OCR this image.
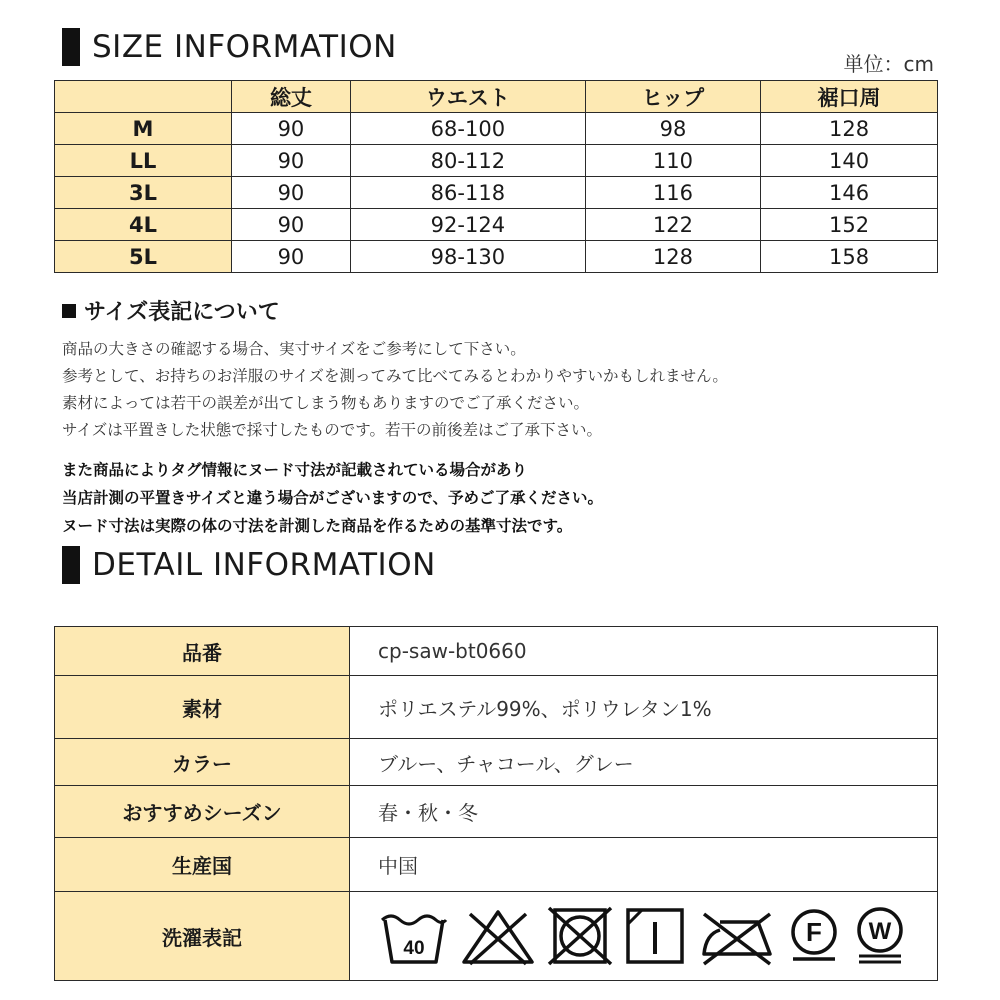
SIZE INFORMATION	単位：cm
	総丈	ウエスト	ヒップ	裾口周
M	90	68-100	98	128
LL	90	80-112	110	140
3L	90	86-118	116	146
4L	90	92-124	122	152
5L	90	98-130	128	158
サイズ表記について
商品の大きさの確認する場合、実寸サイズをご参考にして下さい。
参考として、お持ちのお洋服のサイズを測ってみて比べてみるとわかりやすいかもしれません。
素材によっては若干の誤差が出てしまう物もありますのでご了承ください。
サイズは平置きした状態で採寸したものです。若干の前後差はご了承下さい。
また商品によりタグ情報にヌード寸法が記載されている場合があり
当店計測の平置きサイズと違う場合がございますので、予めご了承ください。
ヌード寸法は実際の体の寸法を計測した商品を作るための基準寸法です。
DETAIL INFORMATION
品番	cp-saw-bt0660
素材	ポリエステル99%、ポリウレタン1%
カラー	ブルー、チャコール、グレー
おすすめシーズン	春・秋・冬
生産国	中国
洗濯表記	40
F W
